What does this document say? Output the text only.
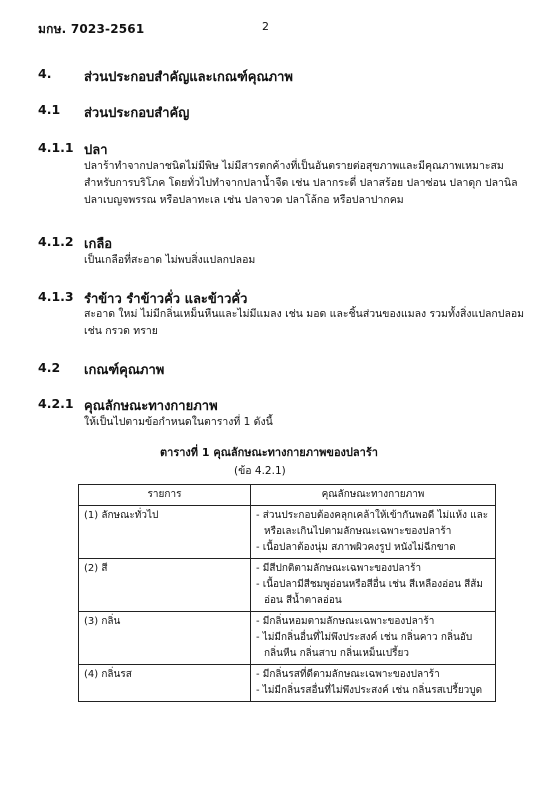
มกษ. 7023-2561	2
4.	ส่วนประกอบสำคัญและเกณฑ์คุณภาพ
4.1 ส่วนประกอบสำคัญ
4.1.1 ปลา
ปลาร้าทำจากปลาชนิดไม่มีพิษ ไม่มีสารตกค้างที่เป็นอันตรายต่อสุขภาพและมีคุณภาพเหมาะสม
สำหรับการบริโภค โดยทั่วไปทำจากปลาน้ำจืด เช่น ปลากระดี่ ปลาสร้อย ปลาซ่อน ปลาดุก ปลานิล
ปลาเบญจพรรณ หรือปลาทะเล เช่น ปลาจวด ปลาโล้กอ หรือปลาปากคม
4.1.2 เกลือ
เป็นเกลือที่สะอาด ไม่พบสิ่งแปลกปลอม
4.1.3 รำข้าว รำข้าวคั่ว และข้าวคั่ว
สะอาด ใหม่ ไม่มีกลิ่นเหม็นหืนและไม่มีแมลง เช่น มอด และชิ้นส่วนของแมลง รวมทั้งสิ่งแปลกปลอม
เช่น กรวด ทราย
4.2 เกณฑ์คุณภาพ
4.2.1 คุณลักษณะทางกายภาพ
ให้เป็นไปตามข้อกำหนดในตารางที่ 1 ดังนี้
ตารางที่ 1 คุณลักษณะทางกายภาพของปลาร้า
(ข้อ 4.2.1)
รายการ	คุณลักษณะทางกายภาพ
(1) ลักษณะทั่วไป	- ส่วนประกอบต้องคลุกเคล้าให้เข้ากันพอดี ไม่แห้ง และหรือเละเกินไปตามลักษณะเฉพาะของปลาร้า
- เนื้อปลาต้องนุ่ม สภาพผิวคงรูป หนังไม่ฉีกขาด

(2) สี	- มีสีปกติตามลักษณะเฉพาะของปลาร้า
- เนื้อปลามีสีชมพูอ่อนหรือสีอื่น เช่น สีเหลืองอ่อน สีส้มอ่อน สีน้ำตาลอ่อน

(3) กลิ่น	- มีกลิ่นหอมตามลักษณะเฉพาะของปลาร้า
- ไม่มีกลิ่นอื่นที่ไม่พึงประสงค์ เช่น กลิ่นคาว กลิ่นอับ กลิ่นหืน กลิ่นสาบ กลิ่นเหม็นเปรี้ยว

(4) กลิ่นรส	- มีกลิ่นรสที่ดีตามลักษณะเฉพาะของปลาร้า
- ไม่มีกลิ่นรสอื่นที่ไม่พึงประสงค์ เช่น กลิ่นรสเปรี้ยวบูด
